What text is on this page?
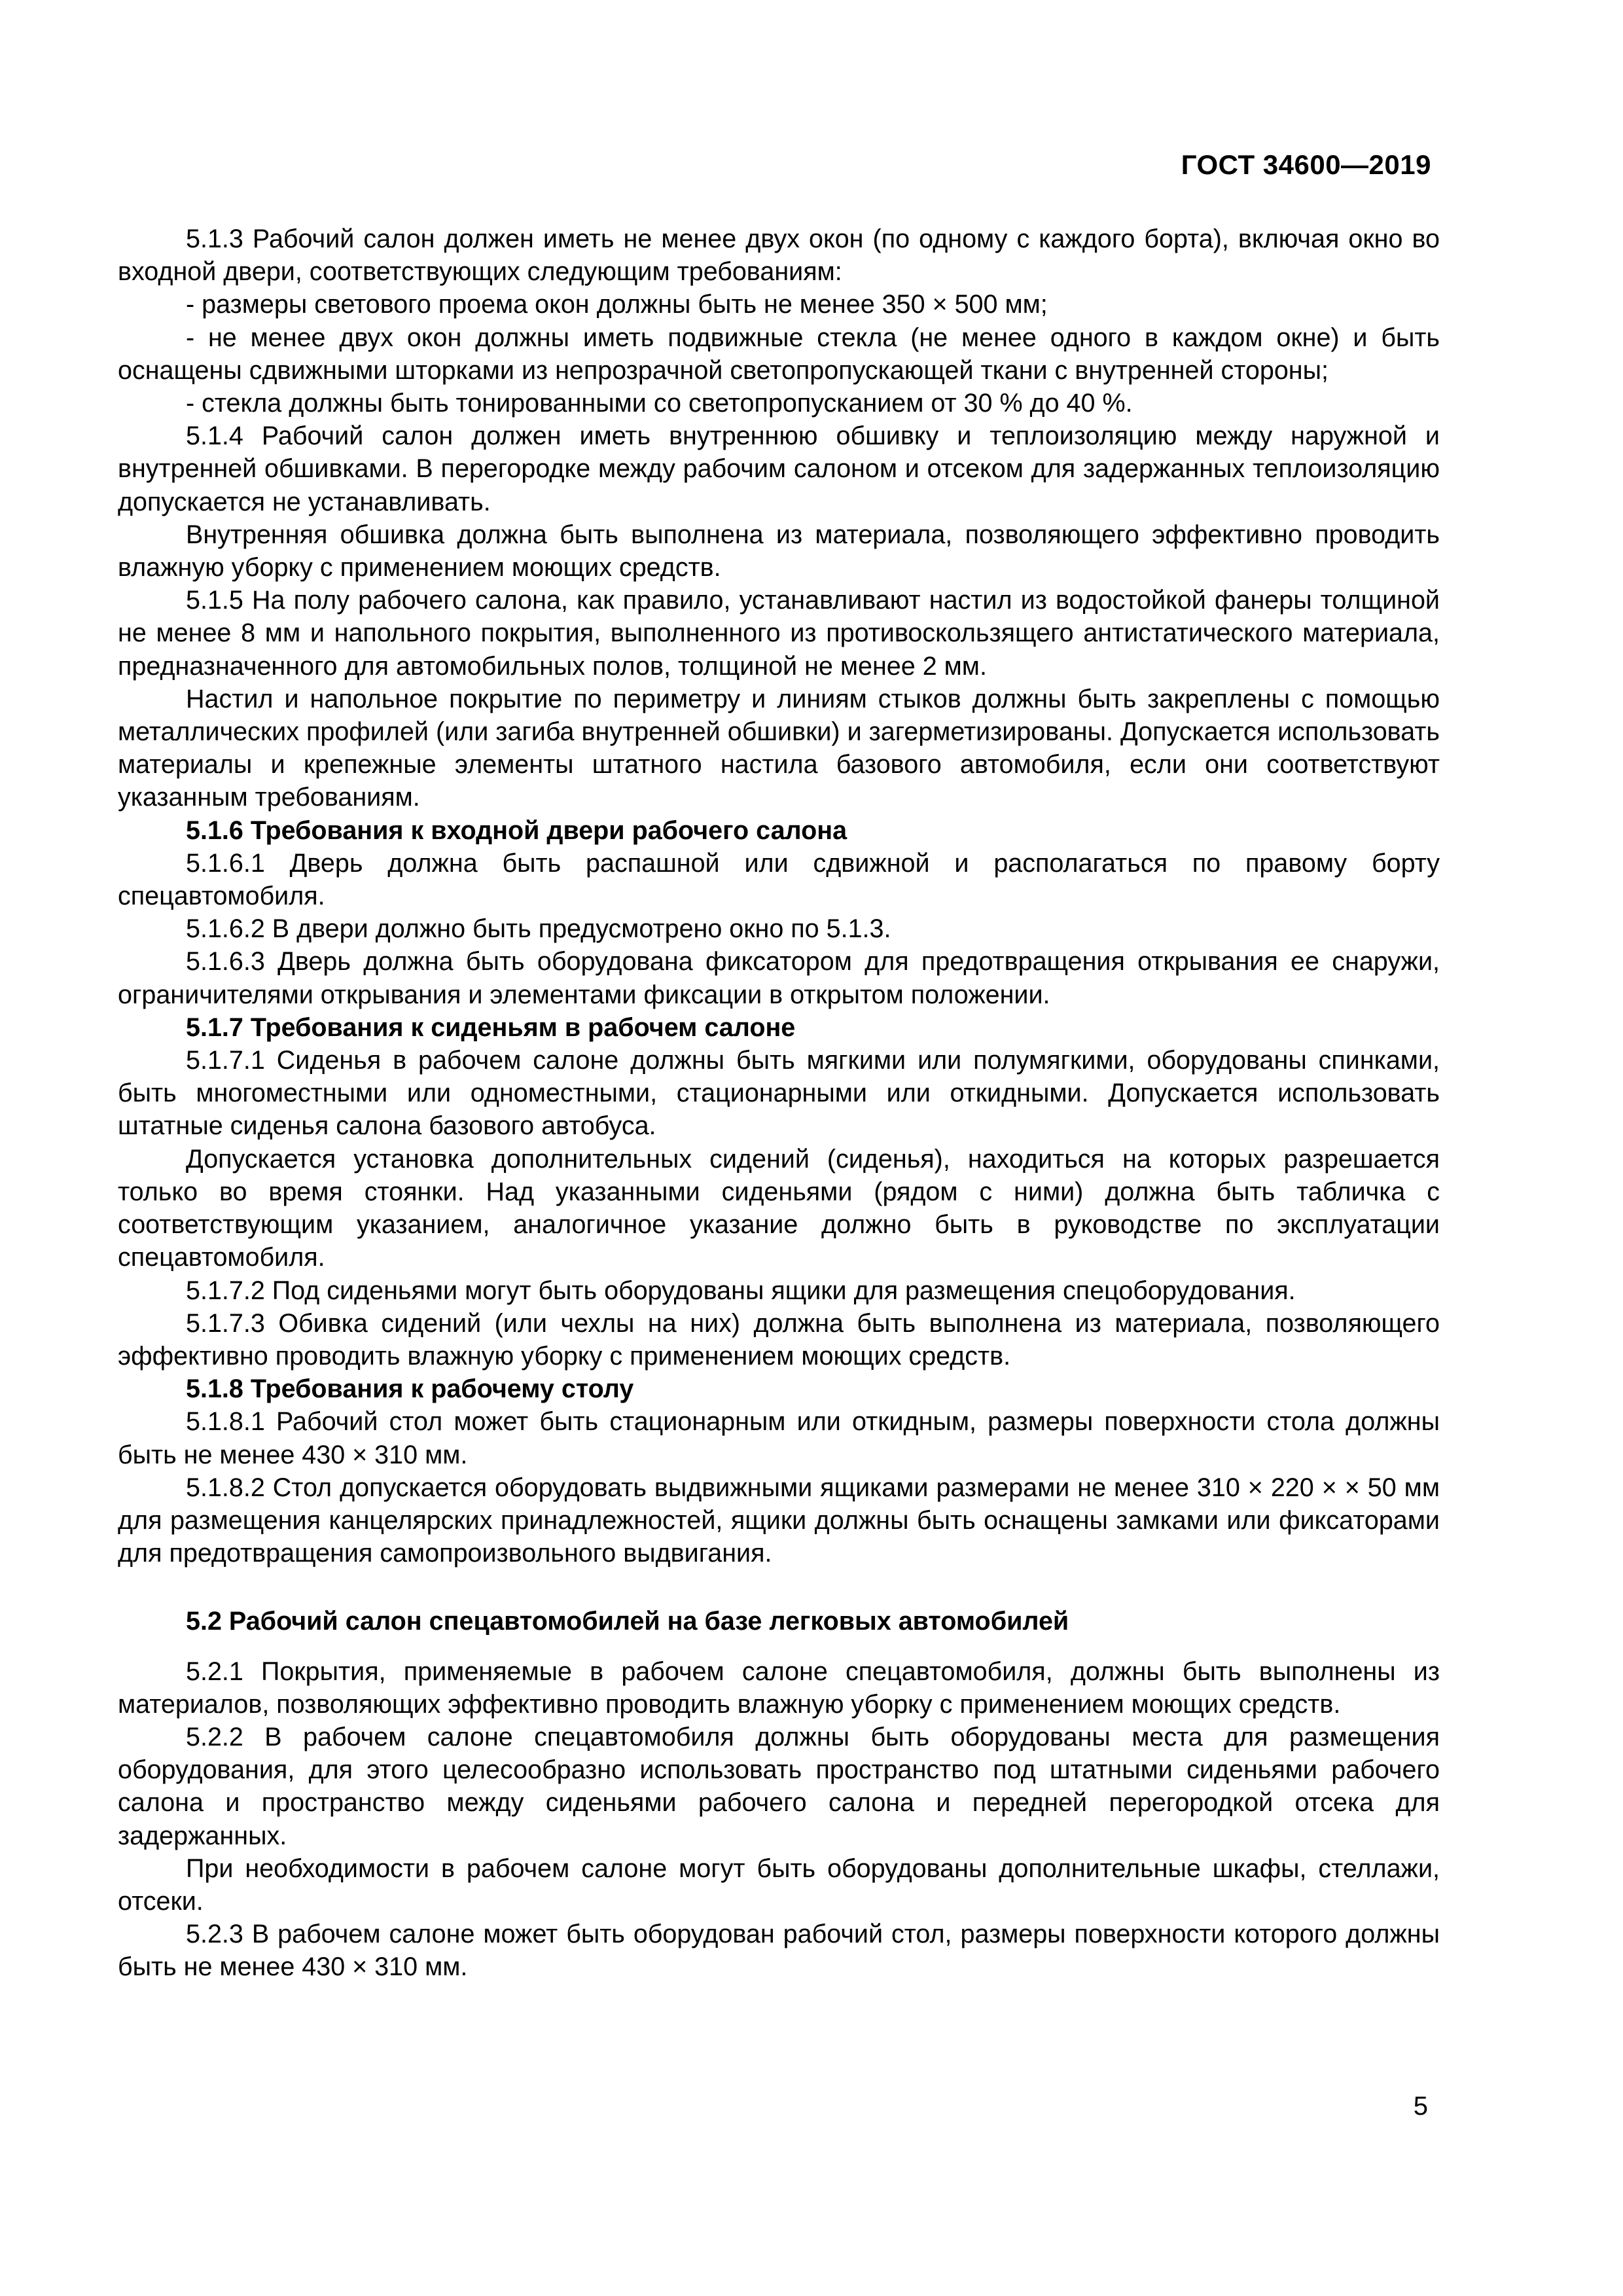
ГОСТ 34600—2019

5.1.3 Рабочий салон должен иметь не менее двух окон (по одному с каждого борта), включая окно во входной двери, соответствующих следующим требованиям:

- размеры светового проема окон должны быть не менее 350 × 500 мм;

- не менее двух окон должны иметь подвижные стекла (не менее одного в каждом окне) и быть оснащены сдвижными шторками из непрозрачной светопропускающей ткани с внутренней стороны;

- стекла должны быть тонированными со светопропусканием от 30 % до 40 %.

5.1.4 Рабочий салон должен иметь внутреннюю обшивку и теплоизоляцию между наружной и внутренней обшивками. В перегородке между рабочим салоном и отсеком для задержанных теплоизоляцию допускается не устанавливать.

Внутренняя обшивка должна быть выполнена из материала, позволяющего эффективно проводить влажную уборку с применением моющих средств.

5.1.5 На полу рабочего салона, как правило, устанавливают настил из водостойкой фанеры толщиной не менее 8 мм и напольного покрытия, выполненного из противоскользящего антистатического материала, предназначенного для автомобильных полов, толщиной не менее 2 мм.

Настил и напольное покрытие по периметру и линиям стыков должны быть закреплены с помощью металлических профилей (или загиба внутренней обшивки) и загерметизированы. Допускается использовать материалы и крепежные элементы штатного настила базового автомобиля, если они соответствуют указанным требованиям.

5.1.6 Требования к входной двери рабочего салона

5.1.6.1 Дверь должна быть распашной или сдвижной и располагаться по правому борту спецавтомобиля.

5.1.6.2 В двери должно быть предусмотрено окно по 5.1.3.

5.1.6.3 Дверь должна быть оборудована фиксатором для предотвращения открывания ее снаружи, ограничителями открывания и элементами фиксации в открытом положении.

5.1.7 Требования к сиденьям в рабочем салоне

5.1.7.1 Сиденья в рабочем салоне должны быть мягкими или полумягкими, оборудованы спинками, быть многоместными или одноместными, стационарными или откидными. Допускается использовать штатные сиденья салона базового автобуса.

Допускается установка дополнительных сидений (сиденья), находиться на которых разрешается только во время стоянки. Над указанными сиденьями (рядом с ними) должна быть табличка с соответствующим указанием, аналогичное указание должно быть в руководстве по эксплуатации спецавтомобиля.

5.1.7.2 Под сиденьями могут быть оборудованы ящики для размещения спецоборудования.

5.1.7.3 Обивка сидений (или чехлы на них) должна быть выполнена из материала, позволяющего эффективно проводить влажную уборку с применением моющих средств.

5.1.8 Требования к рабочему столу

5.1.8.1 Рабочий стол может быть стационарным или откидным, размеры поверхности стола должны быть не менее 430 × 310 мм.

5.1.8.2 Стол допускается оборудовать выдвижными ящиками размерами не менее 310 × 220 × × 50 мм для размещения канцелярских принадлежностей, ящики должны быть оснащены замками или фиксаторами для предотвращения самопроизвольного выдвигания.

5.2 Рабочий салон спецавтомобилей на базе легковых автомобилей

5.2.1 Покрытия, применяемые в рабочем салоне спецавтомобиля, должны быть выполнены из материалов, позволяющих эффективно проводить влажную уборку с применением моющих средств.

5.2.2 В рабочем салоне спецавтомобиля должны быть оборудованы места для размещения оборудования, для этого целесообразно использовать пространство под штатными сиденьями рабочего салона и пространство между сиденьями рабочего салона и передней перегородкой отсека для задержанных.

При необходимости в рабочем салоне могут быть оборудованы дополнительные шкафы, стеллажи, отсеки.

5.2.3 В рабочем салоне может быть оборудован рабочий стол, размеры поверхности которого должны быть не менее 430 × 310 мм.

5
